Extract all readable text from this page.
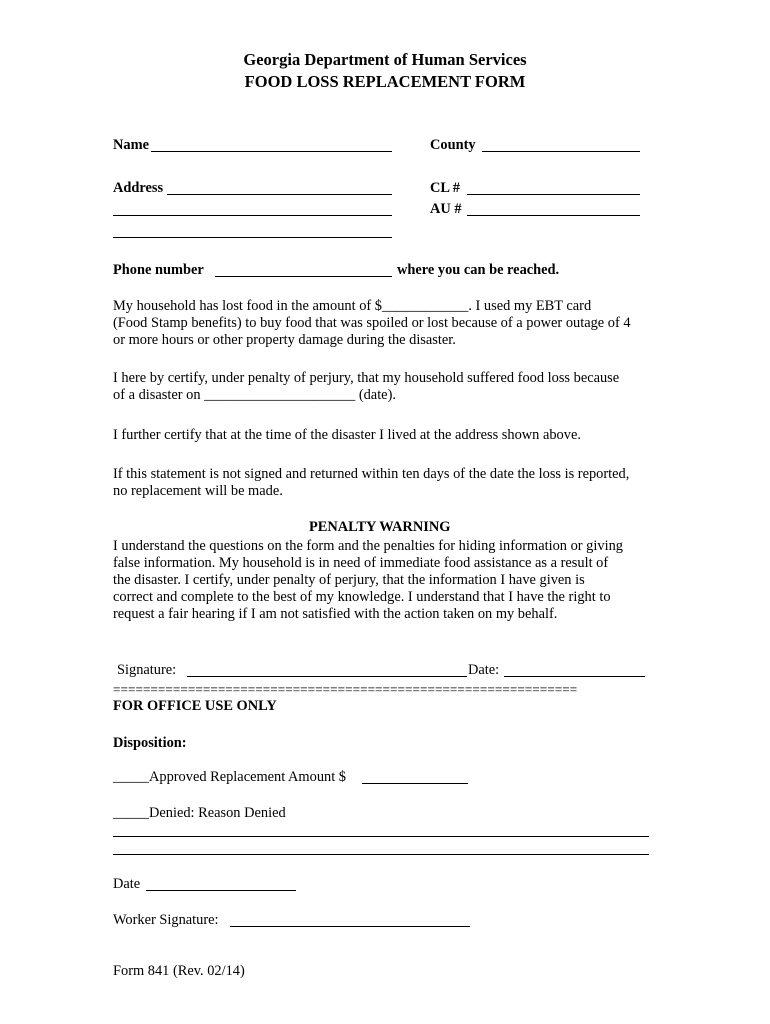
Georgia Department of Human Services
FOOD LOSS REPLACEMENT FORM
Name	County
Address	CL #
AU #
Phone number	where you can be reached.
My household has lost food in the amount of $____________. I used my EBT card
(Food Stamp benefits) to buy food that was spoiled or lost because of a power outage of 4
or more hours or other property damage during the disaster.
I here by certify, under penalty of perjury, that my household suffered food loss because
of a disaster on _____________________ (date).
I further certify that at the time of the disaster I lived at the address shown above.
If this statement is not signed and returned within ten days of the date the loss is reported,
no replacement will be made.
PENALTY WARNING
I understand the questions on the form and the penalties for hiding information or giving
false information. My household is in need of immediate food assistance as a result of
the disaster. I certify, under penalty of perjury, that the information I have given is
correct and complete to the best of my knowledge. I understand that I have the right to
request a fair hearing if I am not satisfied with the action taken on my behalf.
Signature:	Date:
==============================================================
FOR OFFICE USE ONLY
Disposition:
_____Approved Replacement Amount $
_____Denied: Reason Denied
Date
Worker Signature:
Form 841 (Rev. 02/14)
